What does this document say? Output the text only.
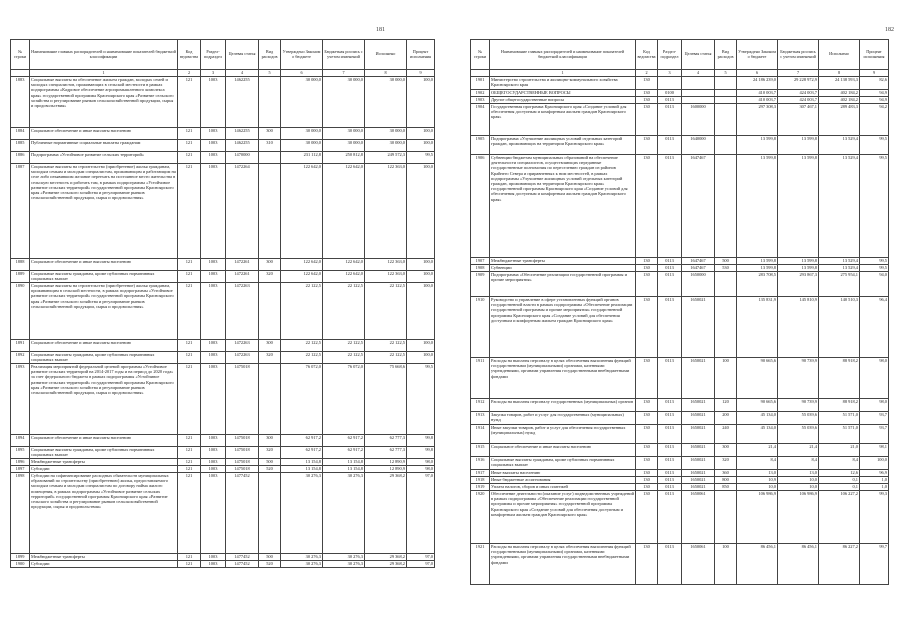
181
№ строки	Наименование главных распорядителей и наименование показателей бюджетной классификации	Код ведомства	Раздел-подраздел	Целевая статья	Вид расходов	Утверждено Законом о бюджете	Бюджетная роспись с учетом изменений	Исполнено	Процент исполнения
	1	2	3	4	5	6	7	8	9
1883	Социальные выплаты на обеспечение жильем граждан, молодых семей и молодых специалистов, проживающих в сельской местности в рамках подпрограммы «Кадровое обеспечение агропромышленного комплекса края» государственной программы Красноярского края «Развитие сельского хозяйства и регулирование рынков сельскохозяйственной продукции, сырья и продовольствия»	121	1003	1462255		30 000,0	30 000,0	30 000,0	100,0
1884	Социальное обеспечение и иные выплаты населению	121	1003	1462255	300	30 000,0	30 000,0	30 000,0	100,0
1885	Публичные нормативные социальные выплаты гражданам	121	1003	1462255	310	30 000,0	30 000,0	30 000,0	100,0
1886	Подпрограмма «Устойчивое развитие сельских территорий»	121	1003	1470000		231 112,8	250 812,8	249 572,3	99,5
1887	Социальные выплаты на строительство (приобретение) жилья гражданам, молодым семьям и молодым специалистам, проживающим и работающим на селе либо изъявившим желание переехать на постоянное место жительства в сельскую местность и работать там, в рамках подпрограммы «Устойчивое развитие сельских территорий» государственной программы Красноярского края «Развитие сельского хозяйства и регулирование рынков сельскохозяйственной продукции, сырья и продовольствия»	121	1003	1472264		122 642,0	122 642,0	122 363,0	100,0
1888	Социальное обеспечение и иные выплаты населению	121	1003	1472261	300	122 642,0	122 642,0	122 363,0	100,0
1889	Социальные выплаты гражданам, кроме публичных нормативных социальных выплат	121	1003	1472261	320	122 642,0	122 642,0	122 363,0	100,0
1890	Социальные выплаты на строительство (приобретение) жилья гражданам, проживающим в сельской местности, в рамках подпрограммы «Устойчивое развитие сельских территорий» государственной программы Красноярского края «Развитие сельского хозяйства и регулирование рынков сельскохозяйственной продукции, сырья и продовольствия»	121	1003	1472263		22 122,5	22 122,5	22 122,5	100,0
1891	Социальное обеспечение и иные выплаты населению	121	1003	1472263	300	22 122,5	22 122,5	22 122,5	100,0
1892	Социальные выплаты гражданам, кроме публичных нормативных социальных выплат	121	1003	1472263	320	22 122,5	22 122,5	22 122,5	100,0
1893	Реализация мероприятий федеральной целевой программы «Устойчивое развитие сельских территорий на 2014-2017 годы и на период до 2020 года» за счет федерального бюджета в рамках подпрограммы «Устойчивое развитие сельских территорий» государственной программы Красноярского края «Развитие сельского хозяйства и регулирование рынков сельскохозяйственной продукции, сырья и продовольствия»	121	1003	1475018		76 072,0	76 072,0	75 668,6	99,5
1894	Социальное обеспечение и иные выплаты населению	121	1003	1475018	300	62 917,2	62 917,2	62 777,3	99,8
1895	Социальные выплаты гражданам, кроме публичных нормативных социальных выплат	121	1003	1475018	320	62 917,2	62 917,2	62 777,3	99,8
1896	Межбюджетные трансферты	121	1003	1475018	500	13 154,8	13 154,8	12 890,9	98,0
1897	Субсидии	121	1003	1475018	520	13 154,8	13 154,8	12 890,9	98,0
1898	Субсидии на софинансирование расходных обязательств муниципальных образований по строительству (приобретению) жилья, предоставляемого молодым семьям и молодым специалистам по договору найма жилого помещения, в рамках подпрограммы «Устойчивое развитие сельских территорий» государственной программы Красноярского края «Развитие сельского хозяйства и регулирование рынков сельскохозяйственной продукции, сырья и продовольствия»	121	1003	1477452		30 276,3	30 276,3	29 368,2	97,0
1899	Межбюджетные трансферты	121	1003	1477452	500	30 276,3	30 276,3	29 368,2	97,0
1900	Субсидии	121	1003	1477452	520	30 276,3	30 276,3	29 368,2	97,0
182
№ строки	Наименование главных распорядителей и наименование показателей бюджетной классификации	Код ведомства	Раздел-подраздел	Целевая статья	Вид расходов	Утверждено Законом о бюджете	Бюджетная роспись с учетом изменений	Исполнено	Процент исполнения
	1	2	3	4	5	6	7	8	9
1901	Министерство строительства и жилищно-коммунального хозяйства Красноярского края	130				24 186 239,0	29 228 972,9	24 138 593,3	82,6
1902	ОБЩЕГОСУДАРСТВЕННЫЕ ВОПРОСЫ	130	0100			410 003,7	424 003,7	402 184,2	94,9
1903	Другие общегосударственные вопросы	130	0113			410 003,7	424 003,7	402 184,2	94,9
1904	Государственная программа Красноярского края «Создание условий для обеспечения доступным и комфортным жильем граждан Красноярского края»	130	0113	1600000		297 308,3	307 467,1	289 483,3	94,2
1905	Подпрограмма «Улучшение жилищных условий отдельных категорий граждан, проживающих на территории Красноярского края»	130	0113	1640000		13 599,8	13 599,8	13 529,4	99,5
1906	Субвенции бюджетам муниципальных образований на обеспечение деятельности специалистов, осуществляющих переданные государственные полномочия по переселению граждан из районов Крайнего Севера и приравненных к ним местностей, в рамках подпрограммы «Улучшение жилищных условий отдельных категорий граждан, проживающих на территории Красноярского края» государственной программы Красноярского края «Создание условий для обеспечения доступным и комфортным жильем граждан Красноярского края»	130	0113	1647467		13 599,8	13 599,8	13 529,4	99,5
1907	Межбюджетные трансферты	130	0113	1647467	500	13 599,8	13 599,8	13 529,4	99,5
1908	Субвенции	130	0113	1647467	530	13 599,8	13 599,8	13 529,4	99,5
1909	Подпрограмма «Обеспечение реализации государственной программы и прочие мероприятия»	130	0113	1650000		283 708,5	293 867,3	275 954,1	94,0
1910	Руководство и управление в сфере установленных функций органов государственной власти в рамках подпрограммы «Обеспечение реализации государственной программы и прочие мероприятия» государственной программы Красноярского края «Создание условий для обеспечения доступным и комфортным жильем граждан Красноярского края»	130	0113	1650021		135 831,9	145 810,9	140 510,3	96,4
1911	Расходы на выплаты персоналу в целях обеспечения выполнения функций государственными (муниципальными) органами, казенными учреждениями, органами управления государственными внебюджетными фондами	130	0113	1650021	100	90 665,6	90 739,9	88 918,2	98,0
1912	Расходы на выплаты персоналу государственных (муниципальных) органов	130	0113	1650021	120	90 665,6	90 739,9	88 918,2	98,0
1913	Закупка товаров, работ и услуг для государственных (муниципальных) нужд	130	0113	1650021	200	45 134,0	55 039,6	51 571,0	93,7
1914	Иные закупки товаров, работ и услуг для обеспечения государственных (муниципальных) нужд	130	0113	1650021	240	45 134,0	55 039,6	51 571,0	93,7
1915	Социальное обеспечение и иные выплаты населению	130	0113	1650021	300	21,4	21,4	21,0	98,1
1916	Социальные выплаты гражданам, кроме публичных нормативных социальных выплат	130	0113	1650021	320	8,4	8,4	8,4	100,0
1917	Иные выплаты населению	130	0113	1650021	360	13,0	13,0	12,6	96,9
1918	Иные бюджетные ассигнования	130	0113	1650021	800	10,9	10,0	0,1	1,0
1919	Уплата налогов, сборов и иных платежей	130	0113	1650021	850	10,0	10,0	0,1	1,0
1920	Обеспечение деятельности (оказание услуг) подведомственных учреждений в рамках подпрограммы «Обеспечение реализации государственной программы и прочие мероприятия» государственной программы Красноярского края «Создание условий для обеспечения доступным и комфортным жильем граждан Красноярского края»	130	0113	1650061		106 986,9	106 986,9	106 227,2	99,3
1921	Расходы на выплаты персоналу в целях обеспечения выполнения функций государственными (муниципальными) органами, казенными учреждениями, органами управления государственными внебюджетными фондами	130	0113	1650061	100	86 456,1	86 456,1	86 227,2	99,7
